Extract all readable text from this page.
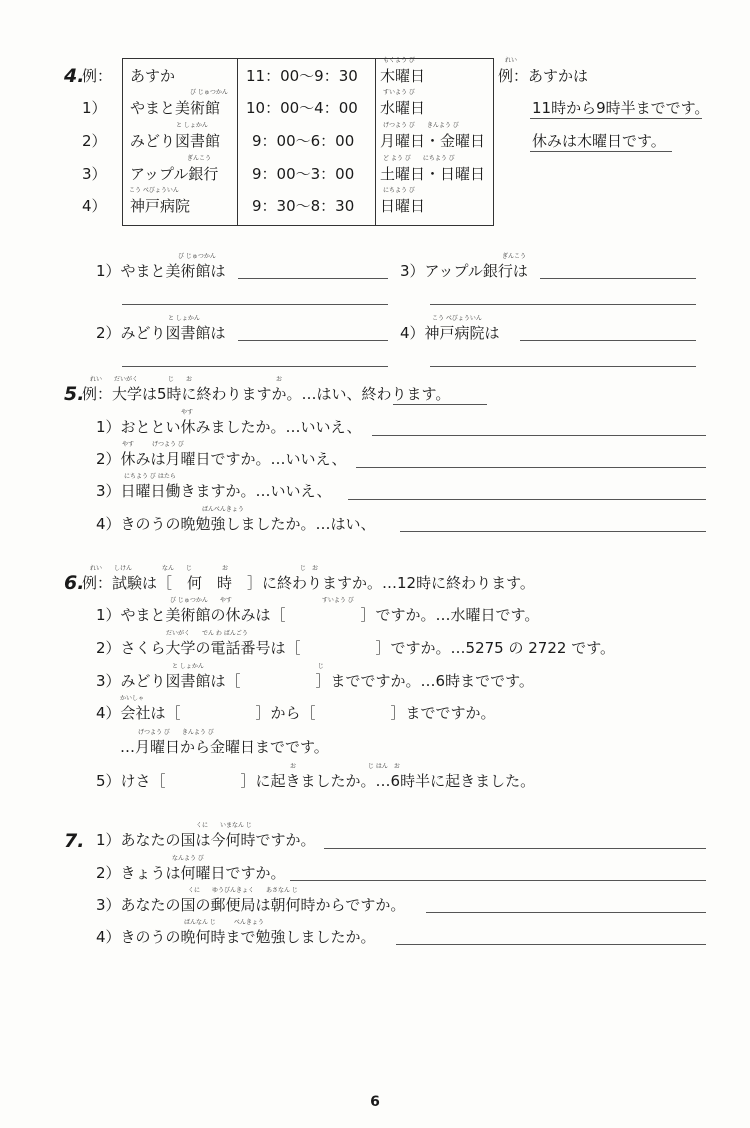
4.
例：
1）
2）
3）
4）
び じゅつかん
と しょかん
ぎんこう
こう べびょういん
もくよう び
すいよう び
げつよう び　　きんよう び
ど よう び　　にちよう び
にちよう び
あすか
やまと美術館
みどり図書館
アップル銀行
神戸病院
11：00〜9：30
10：00〜4：00
9：00〜6：00
9：00〜3：00
9：30〜8：30
木曜日
水曜日
月曜日・金曜日
土曜日・日曜日
日曜日
れい
例：あすかは
11時から9時半までです。
休みは木曜日です。
び じゅつかん
1）やまと美術館は
ぎんこう
3）アップル銀行は
と しょかん
2）みどり図書館は
こう べびょういん
4）神戸病院は
5.
れい　　だいがく　　　　　じ　　お　　　　　　　　　　　　　　お
例：大学は5時に終わりますか。…はい、終わります。
やす
1）おととい休みましたか。…いいえ、
やす　　　げつよう び
2）休みは月曜日ですか。…いいえ、
にちよう び はたら
3）日曜日働きますか。…いいえ、
ばんべんきょう
4）きのうの晩勉強しましたか。…はい、
6.
れい　　しけん　　　　　なん　　じ　　　　　お　　　　　　　　　　　　じ　お
例：試験は［　何　時　］に終わりますか。…12時に終わります。
び じゅつかん　　やす　　　　　　　　　　　　　　　すいよう び
1）やまと美術館の休みは［　　　　　］ですか。…水曜日です。
だいがく　　でん わ ばんごう
2）さくら大学の電話番号は［　　　　　］ですか。…5275 の 2722 です。
と しょかん　　　　　　　　　　　　　　　　　　　じ
3）みどり図書館は［　　　　　］までですか。…6時までです。
かいしゃ
4）会社は［　　　　　］から［　　　　　］までですか。
げつよう び　　きんよう び
…月曜日から金曜日までです。
お　　　　　　　　　　　　じ はん　お
5）けさ［　　　　　］に起きましたか。…6時半に起きました。
7.
くに　　いまなん じ
1）あなたの国は今何時ですか。
なんよう び
2）きょうは何曜日ですか。
くに　　ゆうびんきょく　　あさなん じ
3）あなたの国の郵便局は朝何時からですか。
ばんなん じ　　　べんきょう
4）きのうの晩何時まで勉強しましたか。
6
